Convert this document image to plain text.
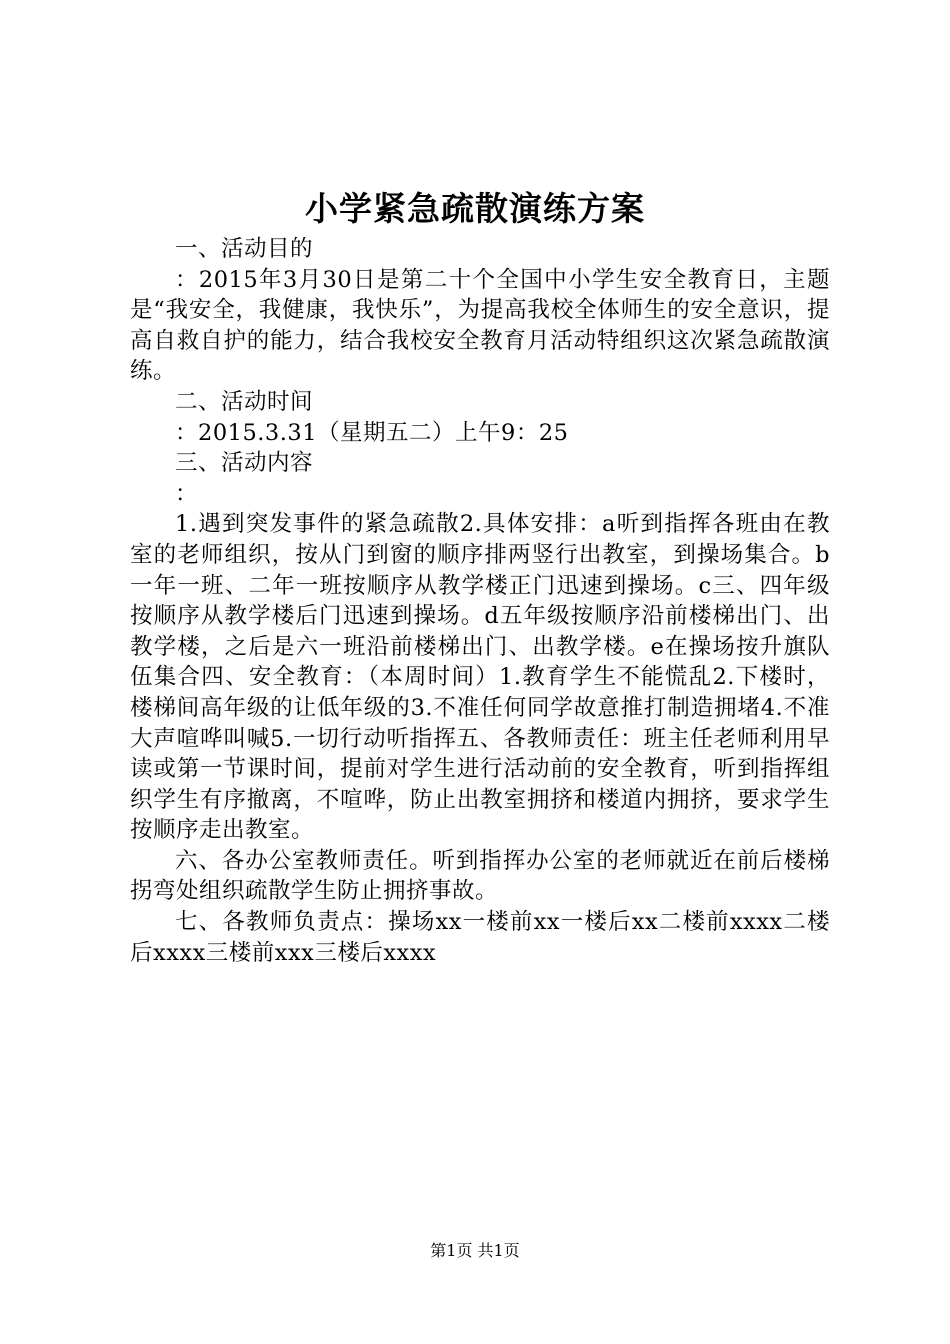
小学紧急疏散演练方案

一、活动目的

：2015年3月30日是第二十个全国中小学生安全教育日，主题是“我安全，我健康，我快乐”，为提高我校全体师生的安全意识，提高自救自护的能力，结合我校安全教育月活动特组织这次紧急疏散演练。

二、活动时间

：2015.3.31（星期五二）上午9：25

三、活动内容

：

1.遇到突发事件的紧急疏散2.具体安排：a听到指挥各班由在教室的老师组织，按从门到窗的顺序排两竖行出教室，到操场集合。b一年一班、二年一班按顺序从教学楼正门迅速到操场。c三、四年级按顺序从教学楼后门迅速到操场。d五年级按顺序沿前楼梯出门、出教学楼，之后是六一班沿前楼梯出门、出教学楼。e在操场按升旗队伍集合四、安全教育：（本周时间）1.教育学生不能慌乱2.下楼时，楼梯间高年级的让低年级的3.不准任何同学故意推打制造拥堵4.不准大声喧哗叫喊5.一切行动听指挥五、各教师责任：班主任老师利用早读或第一节课时间，提前对学生进行活动前的安全教育，听到指挥组织学生有序撤离，不喧哗，防止出教室拥挤和楼道内拥挤，要求学生按顺序走出教室。

六、各办公室教师责任。听到指挥办公室的老师就近在前后楼梯拐弯处组织疏散学生防止拥挤事故。

七、各教师负责点：操场xx一楼前xx一楼后xx二楼前xxxx二楼后xxxx三楼前xxx三楼后xxxx

第1页 共1页
